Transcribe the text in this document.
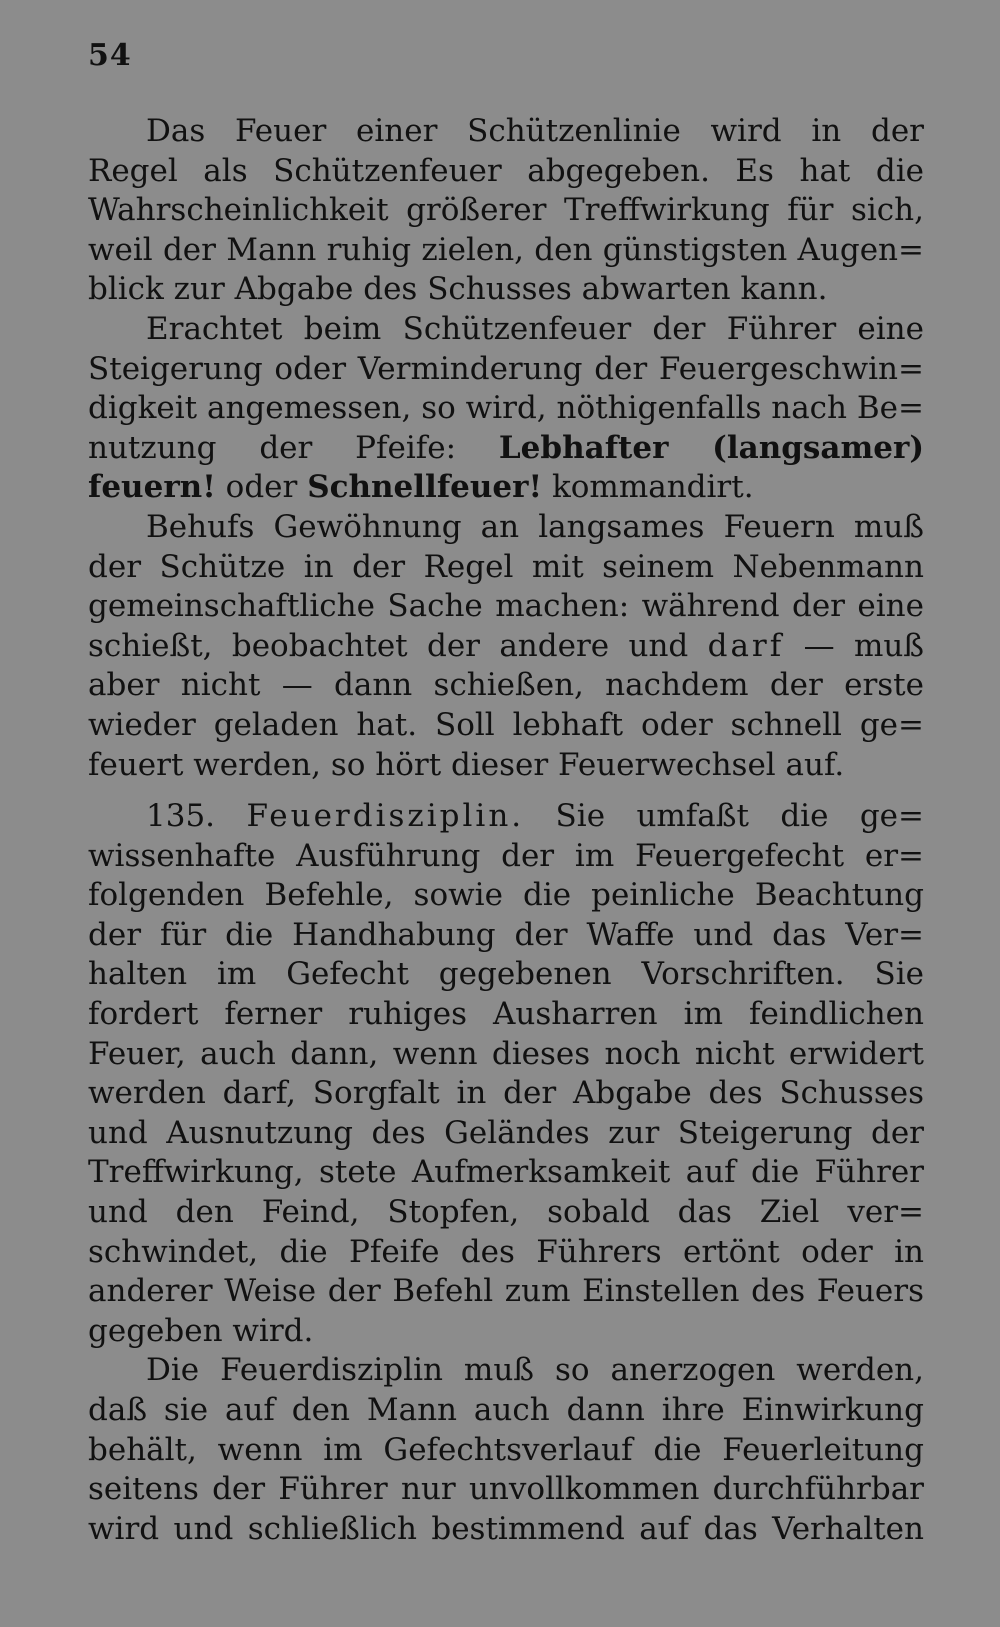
54
Das Feuer einer Schützenlinie wird in der
Regel als Schützenfeuer abgegeben. Es hat die
Wahrscheinlichkeit größerer Treffwirkung für sich,
weil der Mann ruhig zielen, den günstigsten Augen=
blick zur Abgabe des Schusses abwarten kann.
Erachtet beim Schützenfeuer der Führer eine
Steigerung oder Verminderung der Feuergeschwin=
digkeit angemessen, so wird, nöthigenfalls nach Be=
nutzung der Pfeife: Lebhafter (langsamer)
feuern! oder Schnellfeuer! kommandirt.
Behufs Gewöhnung an langsames Feuern muß
der Schütze in der Regel mit seinem Nebenmann
gemeinschaftliche Sache machen: während der eine
schießt, beobachtet der andere und darf — muß
aber nicht — dann schießen, nachdem der erste
wieder geladen hat. Soll lebhaft oder schnell ge=
feuert werden, so hört dieser Feuerwechsel auf.
135. Feuerdisziplin. Sie umfaßt die ge=
wissenhafte Ausführung der im Feuergefecht er=
folgenden Befehle, sowie die peinliche Beachtung
der für die Handhabung der Waffe und das Ver=
halten im Gefecht gegebenen Vorschriften. Sie
fordert ferner ruhiges Ausharren im feindlichen
Feuer, auch dann, wenn dieses noch nicht erwidert
werden darf, Sorgfalt in der Abgabe des Schusses
und Ausnutzung des Geländes zur Steigerung der
Treffwirkung, stete Aufmerksamkeit auf die Führer
und den Feind, Stopfen, sobald das Ziel ver=
schwindet, die Pfeife des Führers ertönt oder in
anderer Weise der Befehl zum Einstellen des Feuers
gegeben wird.
Die Feuerdisziplin muß so anerzogen werden,
daß sie auf den Mann auch dann ihre Einwirkung
behält, wenn im Gefechtsverlauf die Feuerleitung
seitens der Führer nur unvollkommen durchführbar
wird und schließlich bestimmend auf das Verhalten
